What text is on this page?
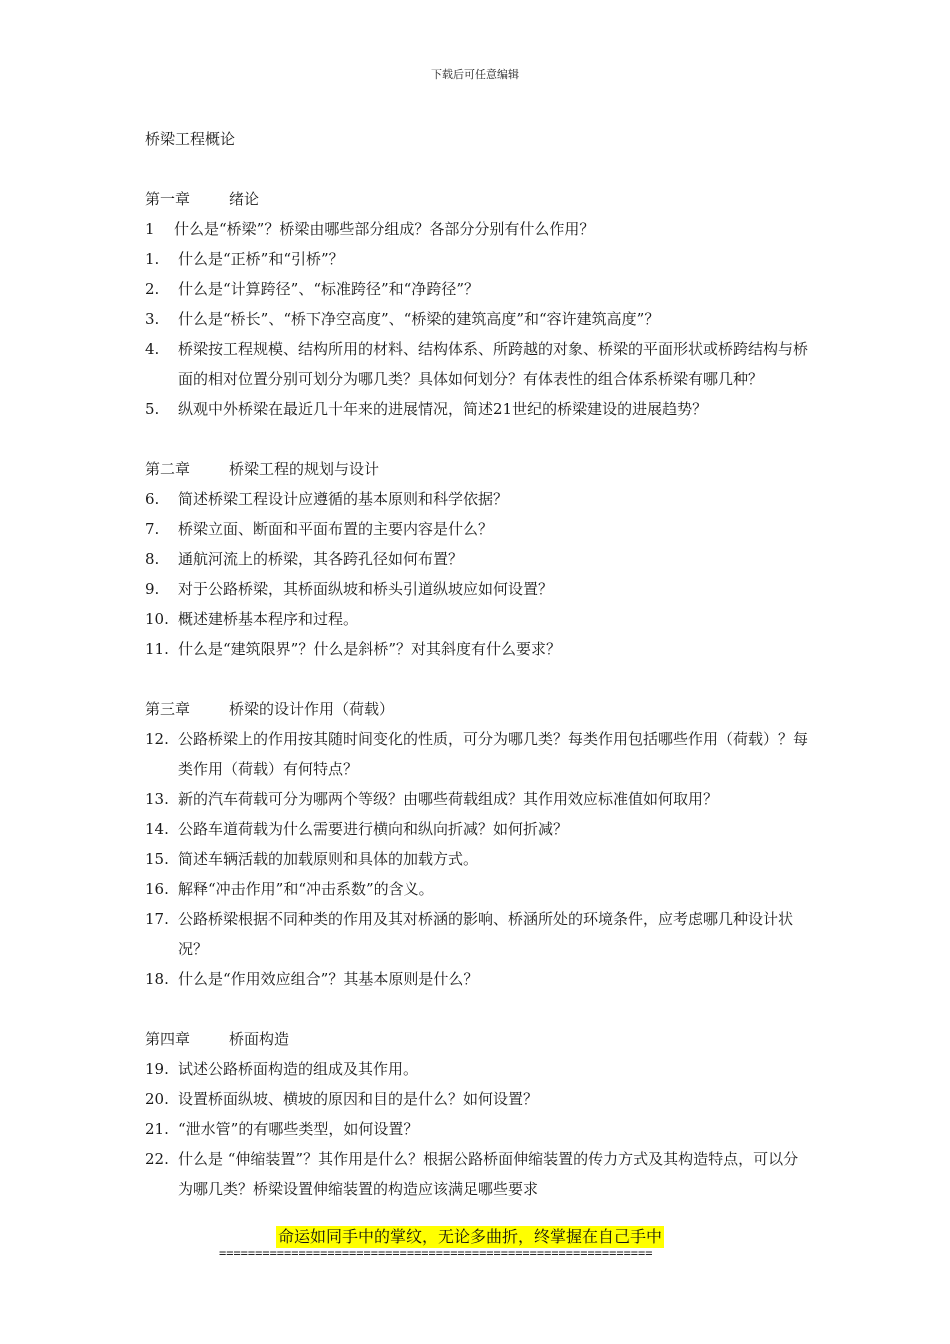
下载后可任意编辑
桥梁工程概论
第一章	绪论
1	什么是“桥梁”？桥梁由哪些部分组成？各部分分别有什么作用？
1.	什么是“正桥”和“引桥”？
2.	什么是“计算跨径”、“标准跨径”和“净跨径”？
3.	什么是“桥长”、“桥下净空高度”、“桥梁的建筑高度”和“容许建筑高度”？
4.	桥梁按工程规模、结构所用的材料、结构体系、所跨越的对象、桥梁的平面形状或桥跨结构与桥面的相对位置分别可划分为哪几类？具体如何划分？有体表性的组合体系桥梁有哪几种？
5.	纵观中外桥梁在最近几十年来的进展情况，简述21世纪的桥梁建设的进展趋势？
第二章	桥梁工程的规划与设计
6.	简述桥梁工程设计应遵循的基本原则和科学依据？
7.	桥梁立面、断面和平面布置的主要内容是什么？
8.	通航河流上的桥梁，其各跨孔径如何布置？
9.	对于公路桥梁，其桥面纵坡和桥头引道纵坡应如何设置？
10. 概述建桥基本程序和过程。
11. 什么是“建筑限界”？什么是斜桥”？对其斜度有什么要求？
第三章	桥梁的设计作用（荷载）
12. 公路桥梁上的作用按其随时间变化的性质，可分为哪几类？每类作用包括哪些作用（荷载）？每类作用（荷载）有何特点？
13. 新的汽车荷载可分为哪两个等级？由哪些荷载组成？其作用效应标准值如何取用？
14. 公路车道荷载为什么需要进行横向和纵向折减？如何折减？
15. 简述车辆活载的加载原则和具体的加载方式。
16. 解释“冲击作用”和“冲击系数”的含义。
17. 公路桥梁根据不同种类的作用及其对桥涵的影响、桥涵所处的环境条件，应考虑哪几种设计状况？
18. 什么是“作用效应组合”？其基本原则是什么？
第四章	桥面构造
19. 试述公路桥面构造的组成及其作用。
20. 设置桥面纵坡、横坡的原因和目的是什么？如何设置？
21. “泄水管”的有哪些类型，如何设置？
22. 什么是 “伸缩装置”？其作用是什么？根据公路桥面伸缩装置的传力方式及其构造特点，可以分为哪几类？桥梁设置伸缩装置的构造应该满足哪些要求
命运如同手中的掌纹，无论多曲折，终掌握在自己手中
============================================================
